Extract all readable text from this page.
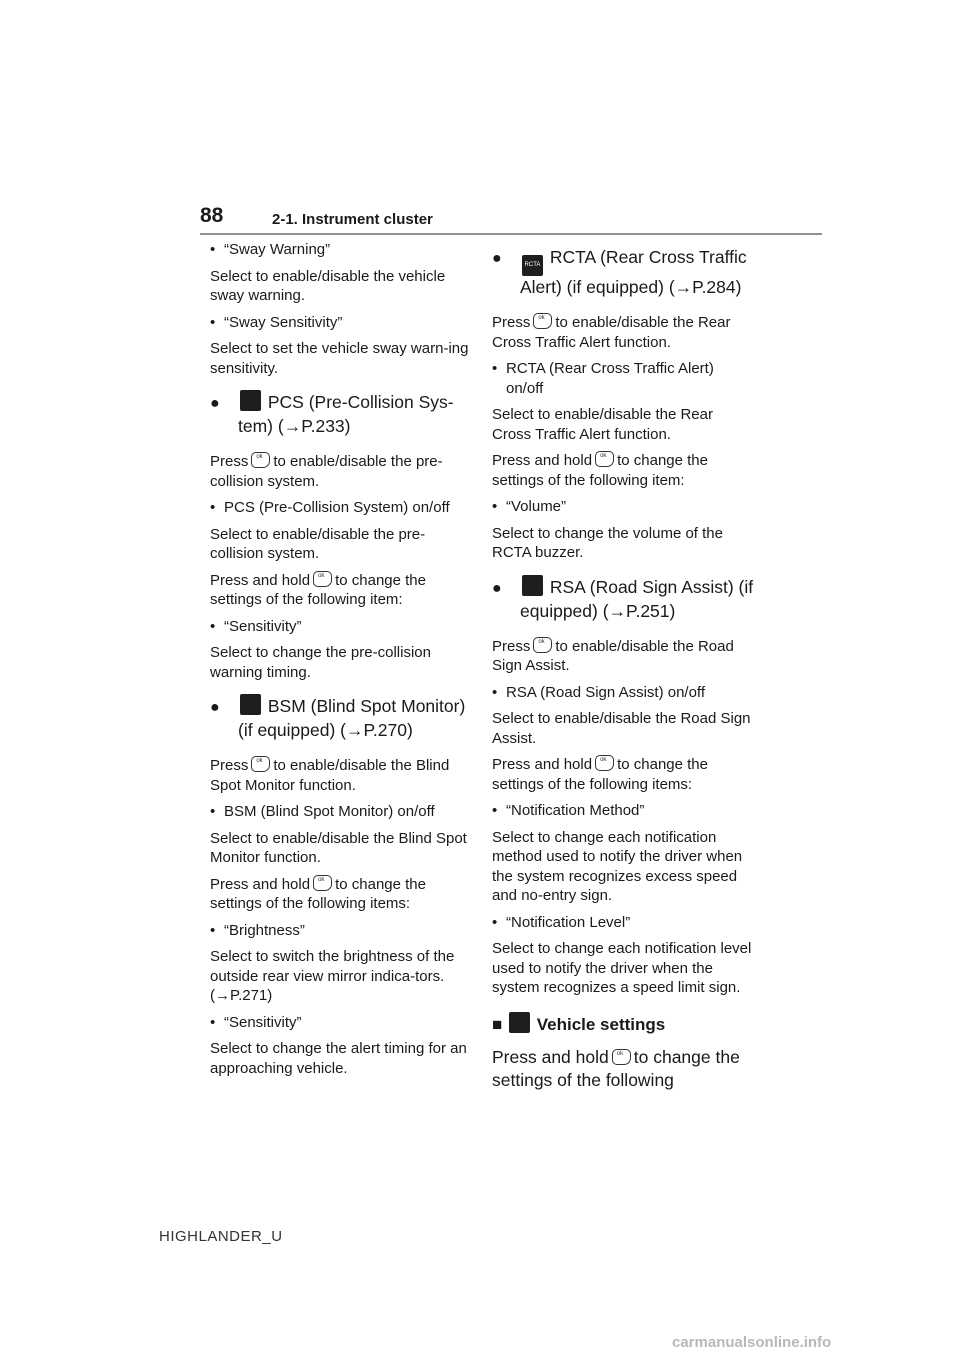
88	2-1. Instrument cluster
• “Sway Warning”
Select to enable/disable the vehicle sway warning.
• “Sway Sensitivity”
Select to set the vehicle sway warn-ing sensitivity.
● PCS (Pre-Collision Sys-tem) (→P.233)
Press ok to enable/disable the pre-collision system.
• PCS (Pre-Collision System) on/off
Select to enable/disable the pre-collision system.
Press and hold ok to change the settings of the following item:
• “Sensitivity”
Select to change the pre-collision warning timing.
● BSM (Blind Spot Monitor) (if equipped) (→P.270)
Press ok to enable/disable the Blind Spot Monitor function.
• BSM (Blind Spot Monitor) on/off
Select to enable/disable the Blind Spot Monitor function.
Press and hold ok to change the settings of the following items:
• “Brightness”
Select to switch the brightness of the outside rear view mirror indica-tors. (→P.271)
• “Sensitivity”
Select to change the alert timing for an approaching vehicle.
●	RCTA RCTA (Rear Cross Traffic Alert) (if equipped) (→P.284)
Press ok to enable/disable the Rear Cross Traffic Alert function.
• RCTA (Rear Cross Traffic Alert) on/off
Select to enable/disable the Rear Cross Traffic Alert function.
Press and hold ok to change the settings of the following item:
• “Volume”
Select to change the volume of the RCTA buzzer.
● RSA (Road Sign Assist) (if equipped) (→P.251)
Press ok to enable/disable the Road Sign Assist.
• RSA (Road Sign Assist) on/off
Select to enable/disable the Road Sign Assist.
Press and hold ok to change the settings of the following items:
• “Notification Method”
Select to change each notification method used to notify the driver when the system recognizes excess speed and no-entry sign.
• “Notification Level”
Select to change each notification level used to notify the driver when the system recognizes a speed limit sign.
■  Vehicle settings
Press and hold ok to change the settings of the following
HIGHLANDER_U
carmanualsonline.info
